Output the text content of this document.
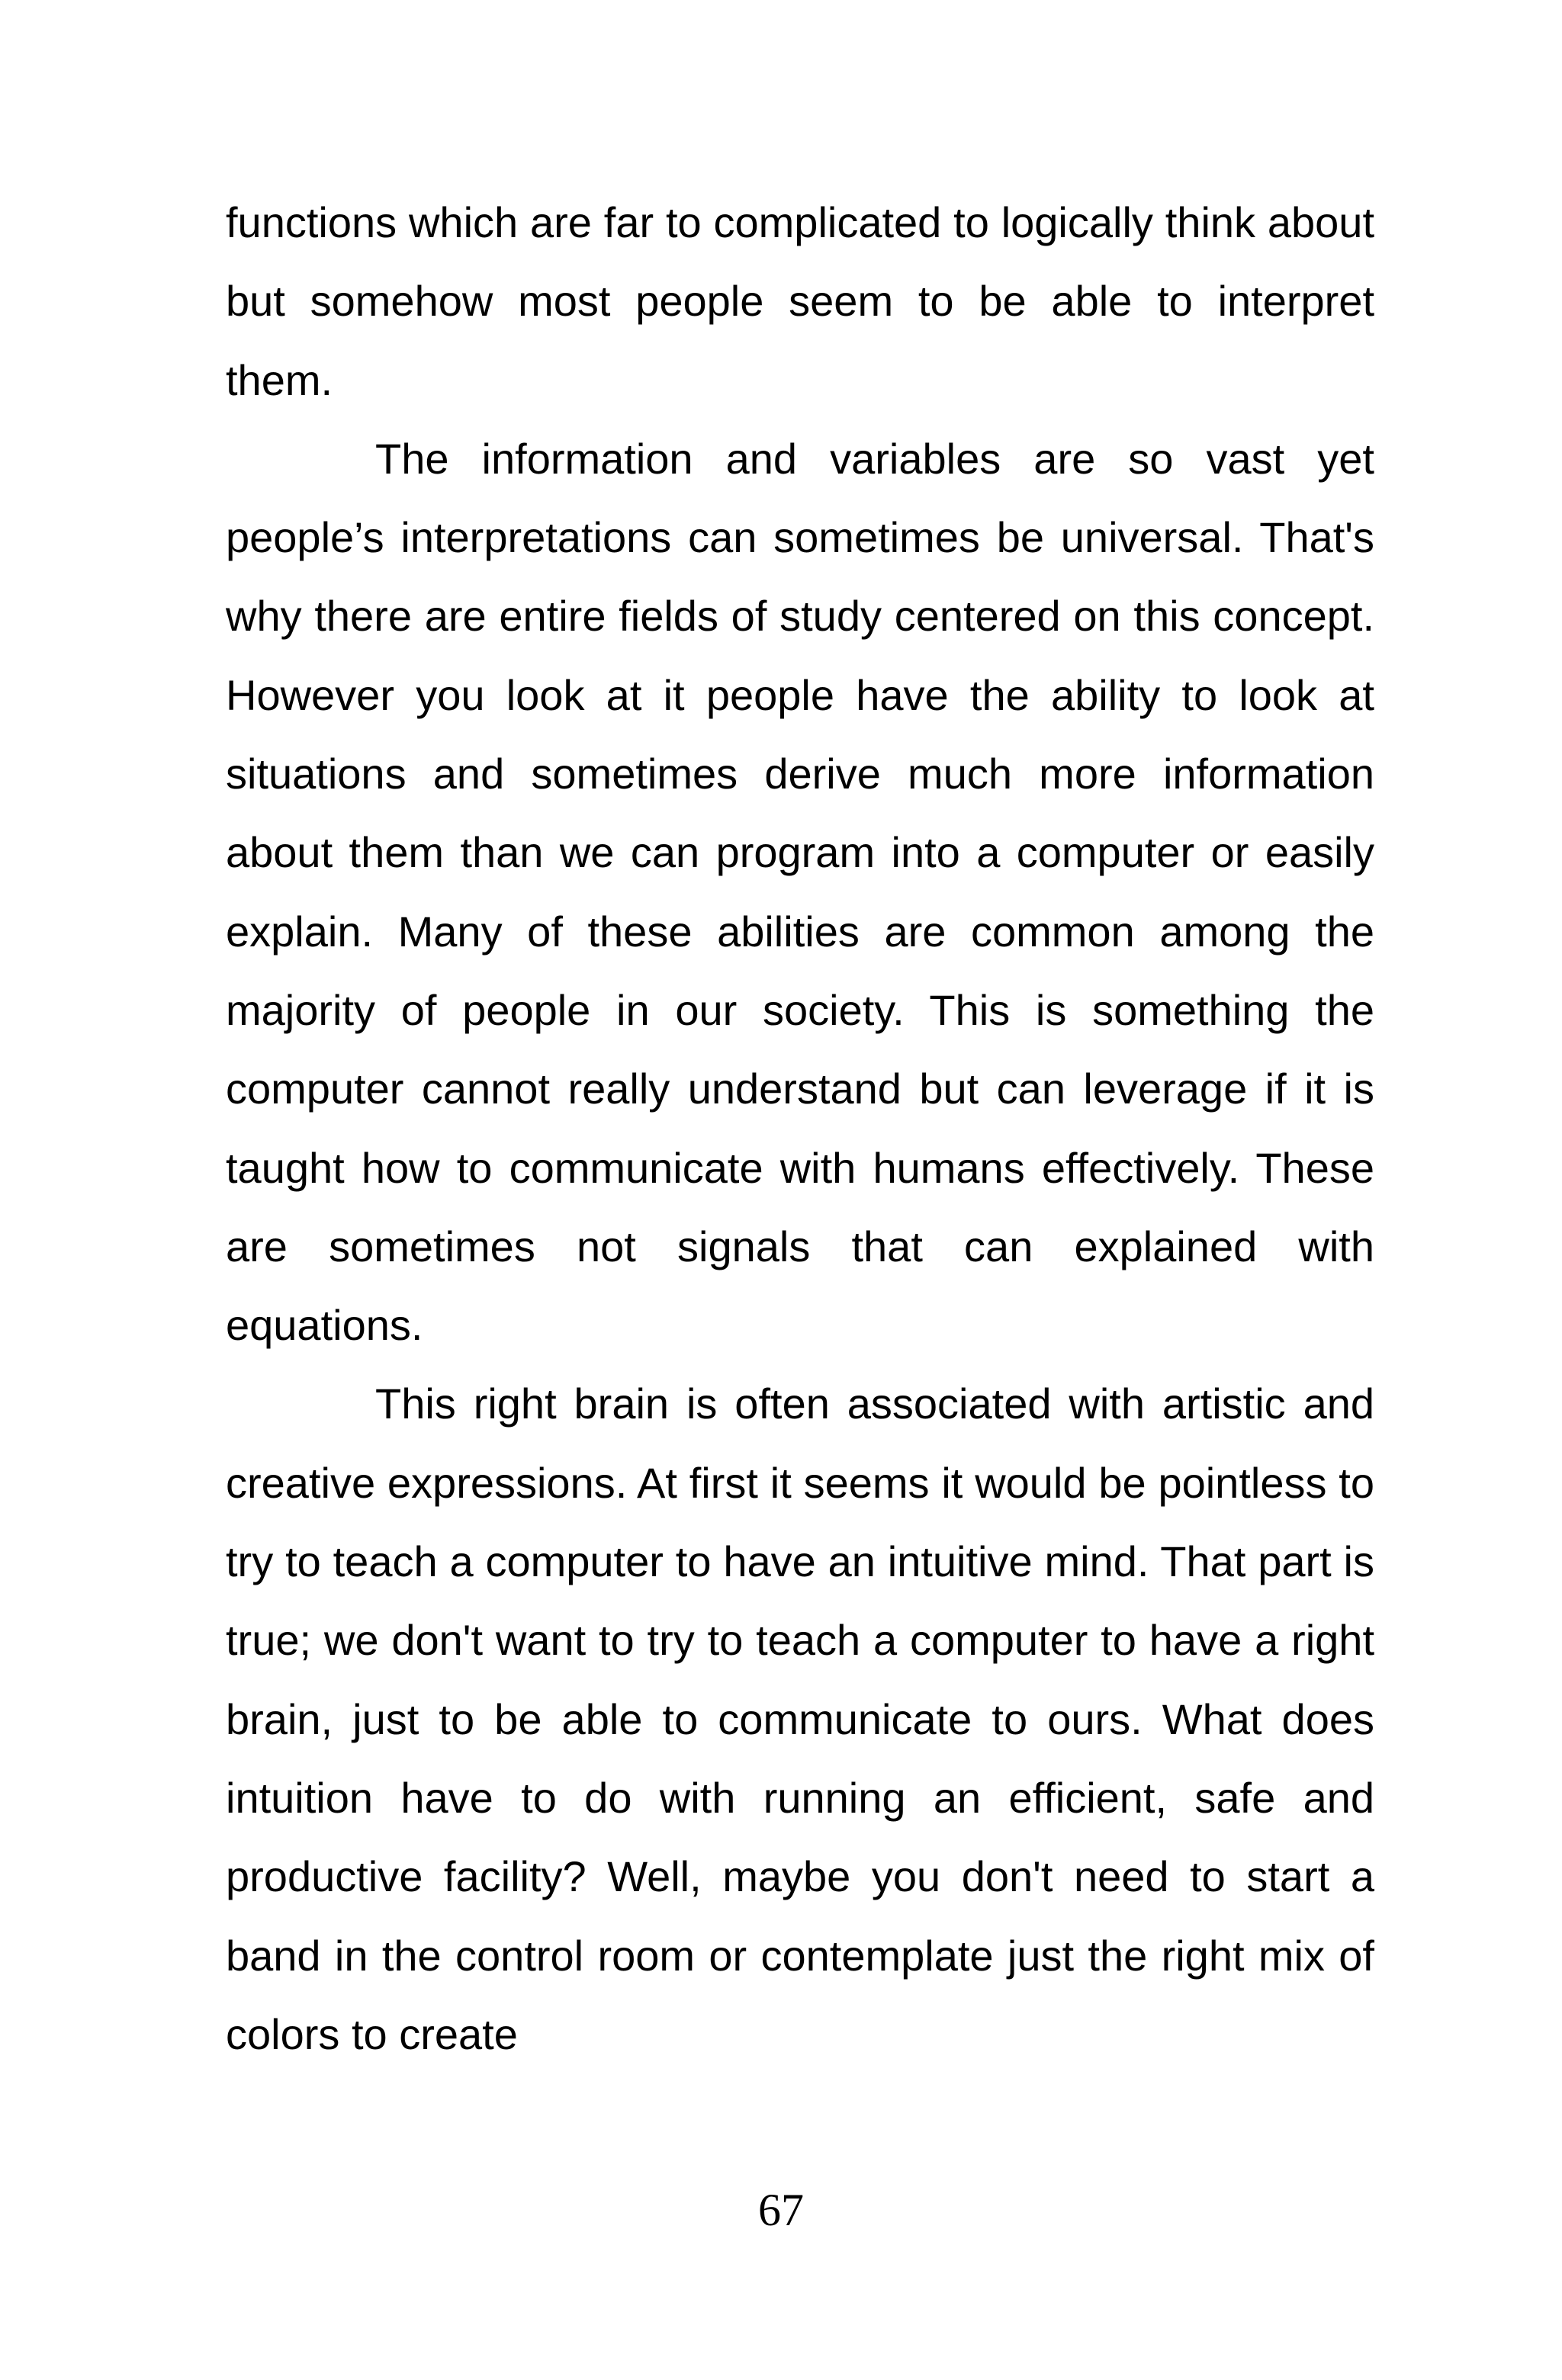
functions which are far to complicated to logically think about but somehow most people seem to be able to interpret them.

The information and variables are so vast yet people’s interpretations can sometimes be universal. That's why there are entire fields of study centered on this concept. However you look at it people have the ability to look at situations and sometimes derive much more information about them than we can program into a computer or easily explain. Many of these abilities are common among the majority of people in our society. This is something the computer cannot really understand but can leverage if it is taught how to communicate with humans effectively. These are sometimes not signals that can explained with equations.

This right brain is often associated with artistic and creative expressions. At first it seems it would be pointless to try to teach a computer to have an intuitive mind. That part is true; we don't want to try to teach a computer to have a right brain, just to be able to communicate to ours. What does intuition have to do with running an efficient, safe and productive facility? Well, maybe you don't need to start a band in the control room or contemplate just the right mix of colors to create

67
